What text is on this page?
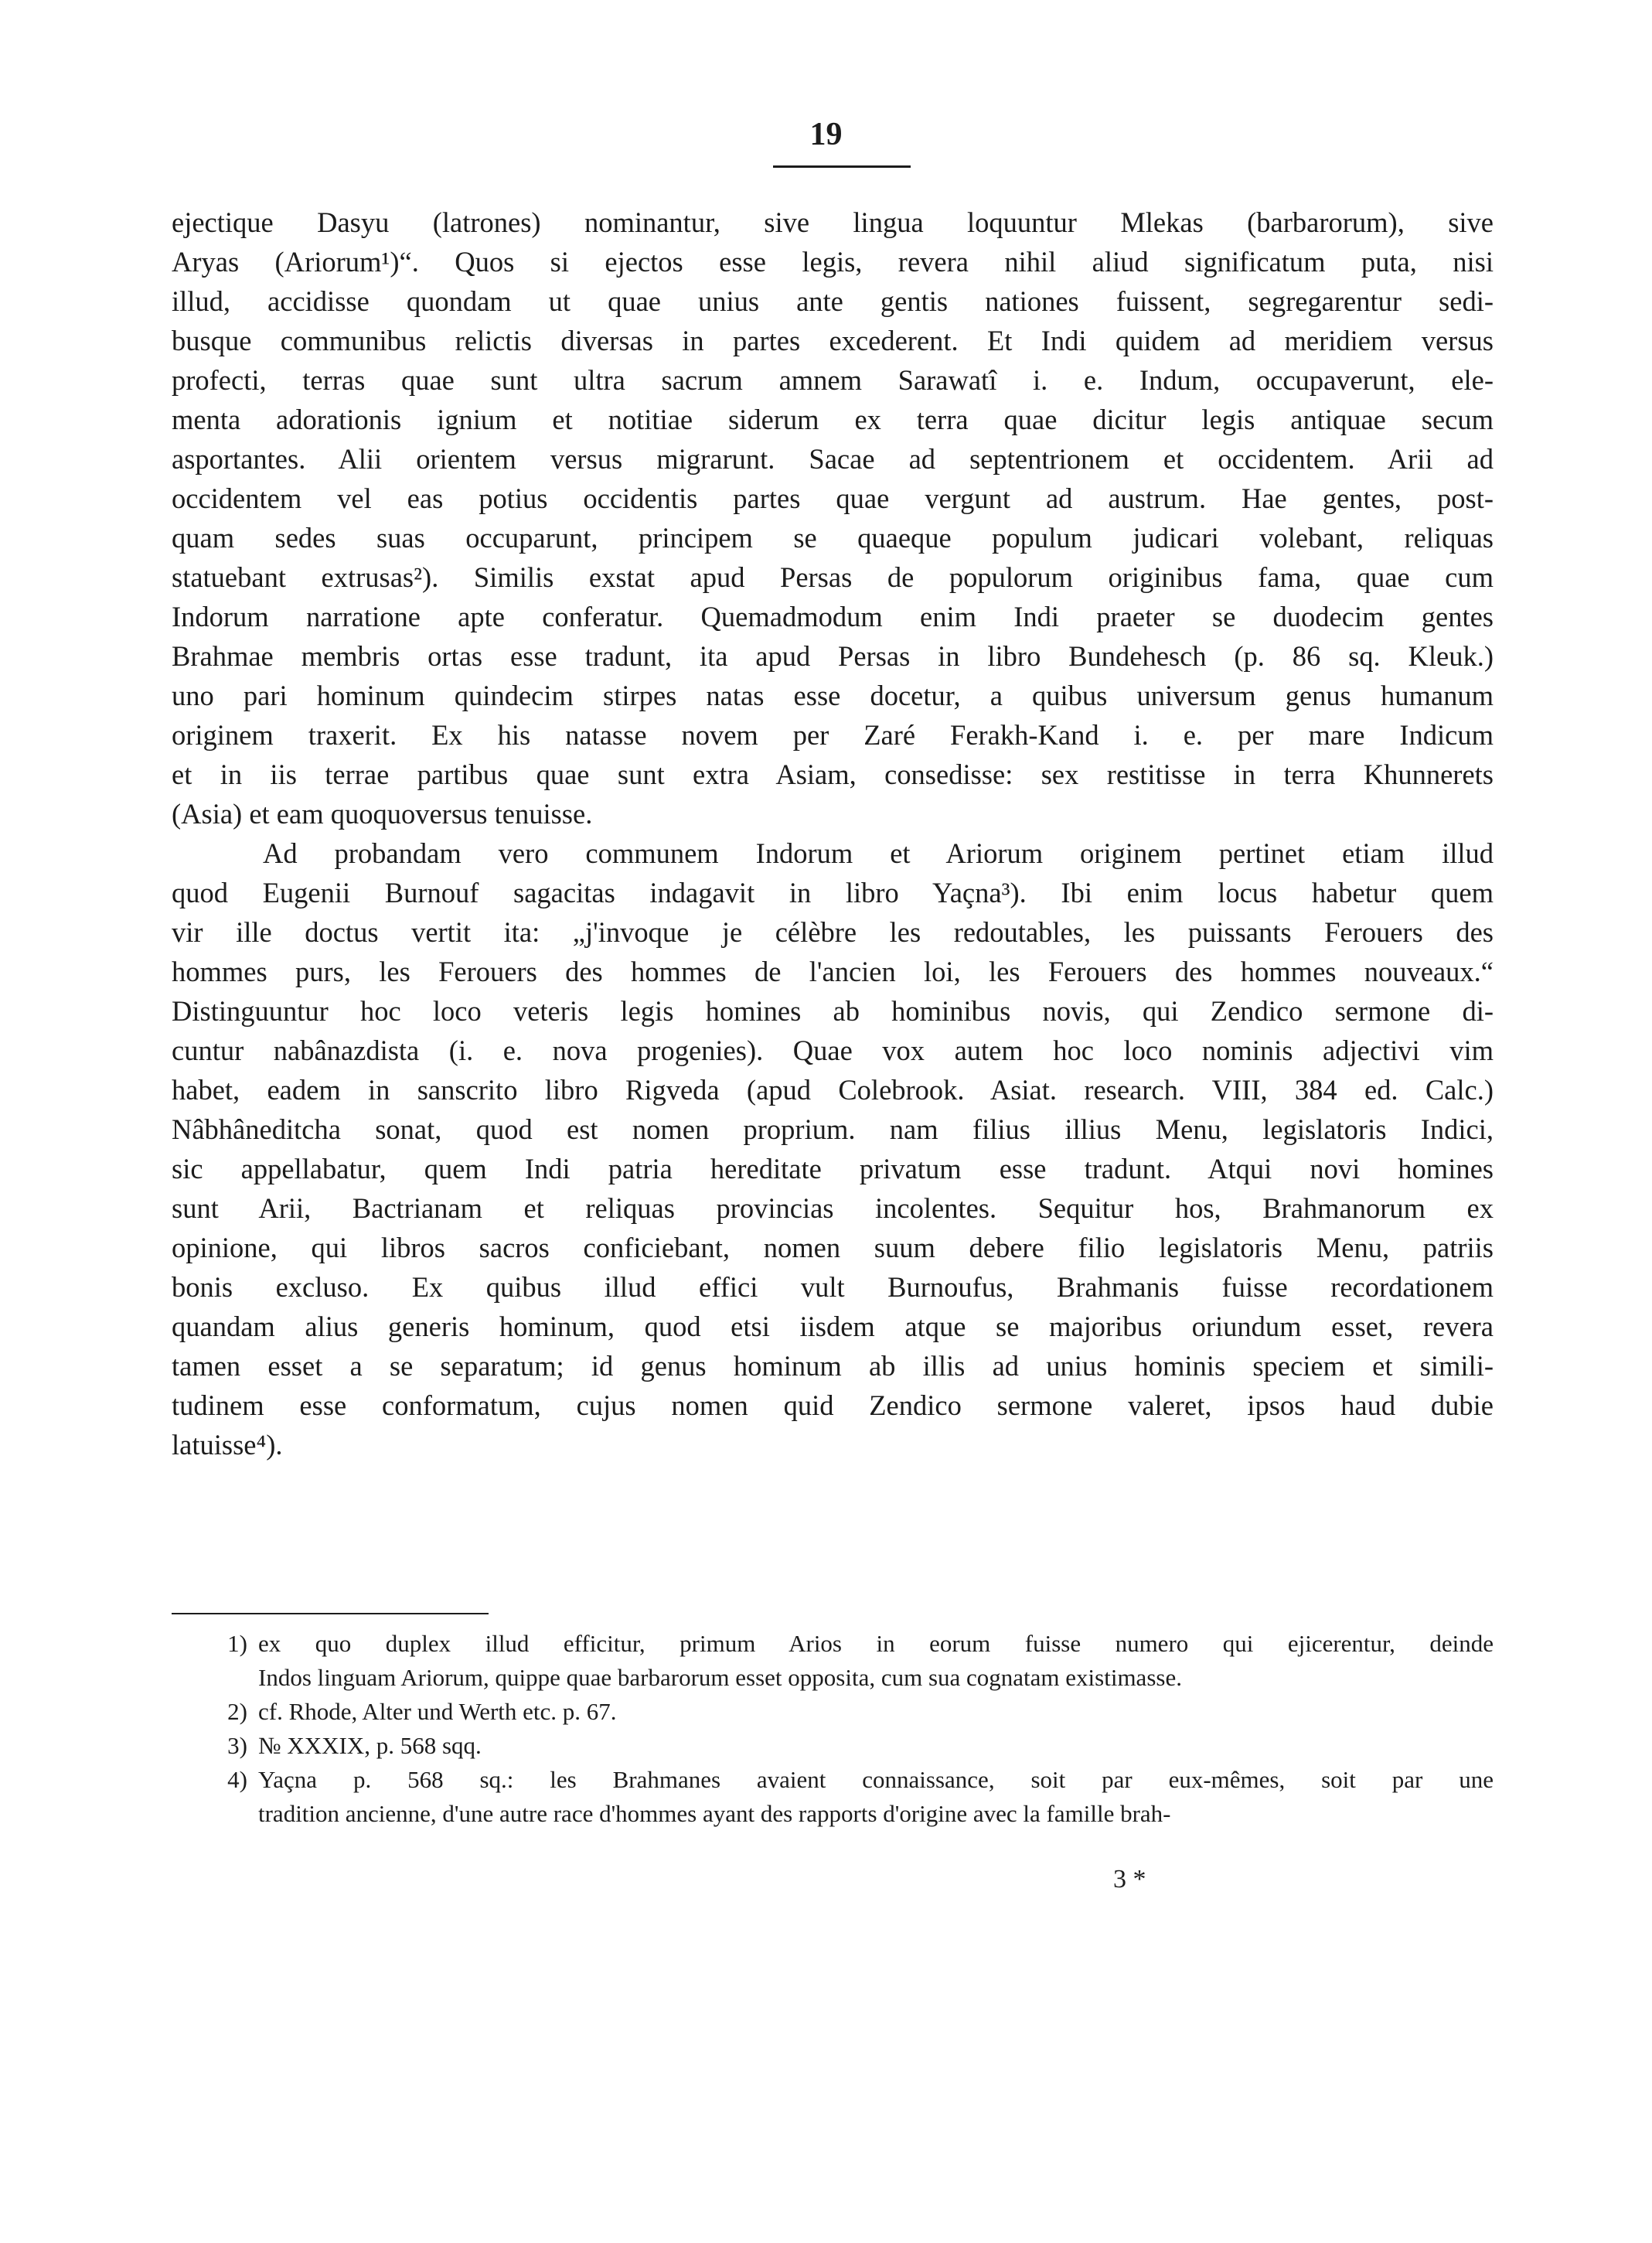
19
ejectique Dasyu (latrones) nominantur, sive lingua loquuntur Mlekas (barbarorum), sive
Aryas (Ariorum¹)“. Quos si ejectos esse legis, revera nihil aliud significatum puta, nisi
illud, accidisse quondam ut quae unius ante gentis nationes fuissent, segregarentur sedi-
busque communibus relictis diversas in partes excederent. Et Indi quidem ad meridiem versus
profecti, terras quae sunt ultra sacrum amnem Sarawatî i. e. Indum, occupaverunt, ele-
menta adorationis ignium et notitiae siderum ex terra quae dicitur legis antiquae secum
asportantes. Alii orientem versus migrarunt. Sacae ad septentrionem et occidentem. Arii ad
occidentem vel eas potius occidentis partes quae vergunt ad austrum. Hae gentes, post-
quam sedes suas occuparunt, principem se quaeque populum judicari volebant, reliquas
statuebant extrusas²). Similis exstat apud Persas de populorum originibus fama, quae cum
Indorum narratione apte conferatur. Quemadmodum enim Indi praeter se duodecim gentes
Brahmae membris ortas esse tradunt, ita apud Persas in libro Bundehesch (p. 86 sq. Kleuk.)
uno pari hominum quindecim stirpes natas esse docetur, a quibus universum genus humanum
originem traxerit. Ex his natasse novem per Zaré Ferakh-Kand i. e. per mare Indicum
et in iis terrae partibus quae sunt extra Asiam, consedisse: sex restitisse in terra Khunnerets
(Asia) et eam quoquoversus tenuisse.
Ad probandam vero communem Indorum et Ariorum originem pertinet etiam illud
quod Eugenii Burnouf sagacitas indagavit in libro Yaçna³). Ibi enim locus habetur quem
vir ille doctus vertit ita: „j'invoque je célèbre les redoutables, les puissants Ferouers des
hommes purs, les Ferouers des hommes de l'ancien loi, les Ferouers des hommes nouveaux.“
Distinguuntur hoc loco veteris legis homines ab hominibus novis, qui Zendico sermone di-
cuntur nabânazdista (i. e. nova progenies). Quae vox autem hoc loco nominis adjectivi vim
habet, eadem in sanscrito libro Rigveda (apud Colebrook. Asiat. research. VIII, 384 ed. Calc.)
Nâbhâneditcha sonat, quod est nomen proprium. nam filius illius Menu, legislatoris Indici,
sic appellabatur, quem Indi patria hereditate privatum esse tradunt. Atqui novi homines
sunt Arii, Bactrianam et reliquas provincias incolentes. Sequitur hos, Brahmanorum ex
opinione, qui libros sacros conficiebant, nomen suum debere filio legislatoris Menu, patriis
bonis excluso. Ex quibus illud effici vult Burnoufus, Brahmanis fuisse recordationem
quandam alius generis hominum, quod etsi iisdem atque se majoribus oriundum esset, revera
tamen esset a se separatum; id genus hominum ab illis ad unius hominis speciem et simili-
tudinem esse conformatum, cujus nomen quid Zendico sermone valeret, ipsos haud dubie
latuisse⁴).
1) ex quo duplex illud efficitur, primum Arios in eorum fuisse numero qui ejicerentur, deinde
Indos linguam Ariorum, quippe quae barbarorum esset opposita, cum sua cognatam existimasse.
2) cf. Rhode, Alter und Werth etc. p. 67.
3) № XXXIX, p. 568 sqq.
4) Yaçna p. 568 sq.: les Brahmanes avaient connaissance, soit par eux-mêmes, soit par une
tradition ancienne, d'une autre race d'hommes ayant des rapports d'origine avec la famille brah-
3 *
